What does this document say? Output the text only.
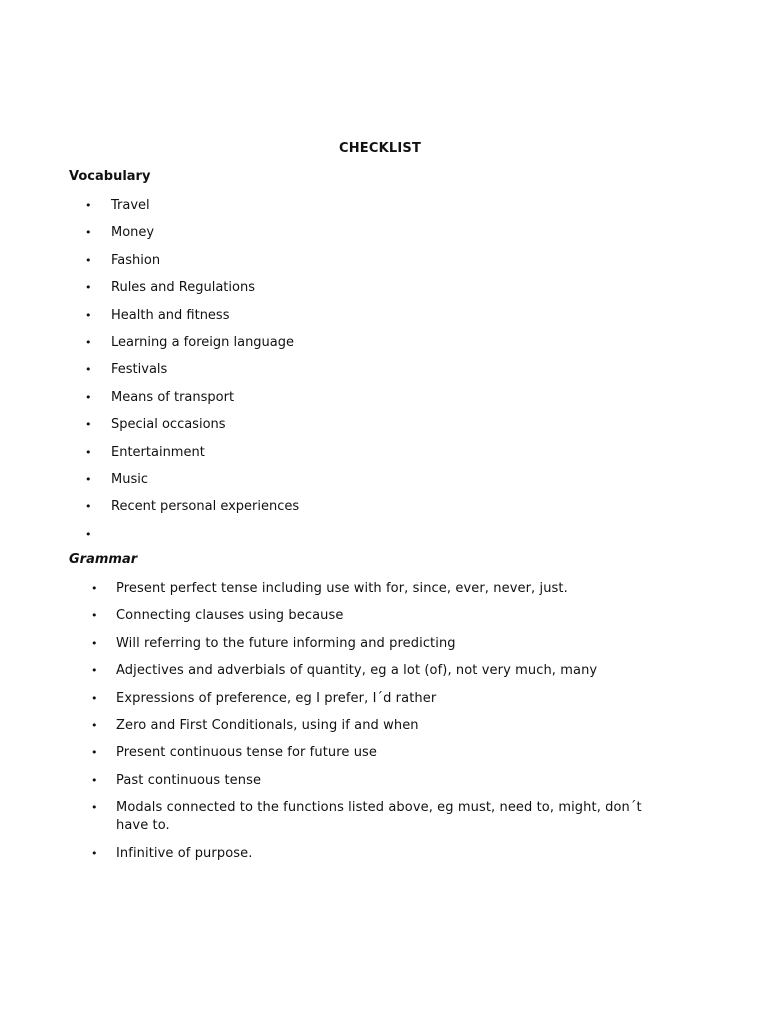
CHECKLIST
Vocabulary
• Travel
• Money
• Fashion
• Rules and Regulations
• Health and fitness
• Learning a foreign language
• Festivals
• Means of transport
• Special occasions
• Entertainment
• Music
• Recent personal experiences
•
Grammar
• Present perfect tense including use with for, since, ever, never, just.
• Connecting clauses using because
• Will referring to the future informing and predicting
• Adjectives and adverbials of quantity, eg a lot (of), not very much, many
• Expressions of preference, eg I prefer, I´d rather
• Zero and First Conditionals, using if and when
• Present continuous tense for future use
• Past continuous tense
• Modals connected to the functions listed above, eg must, need to, might, don´t have to.
• Infinitive of purpose.
